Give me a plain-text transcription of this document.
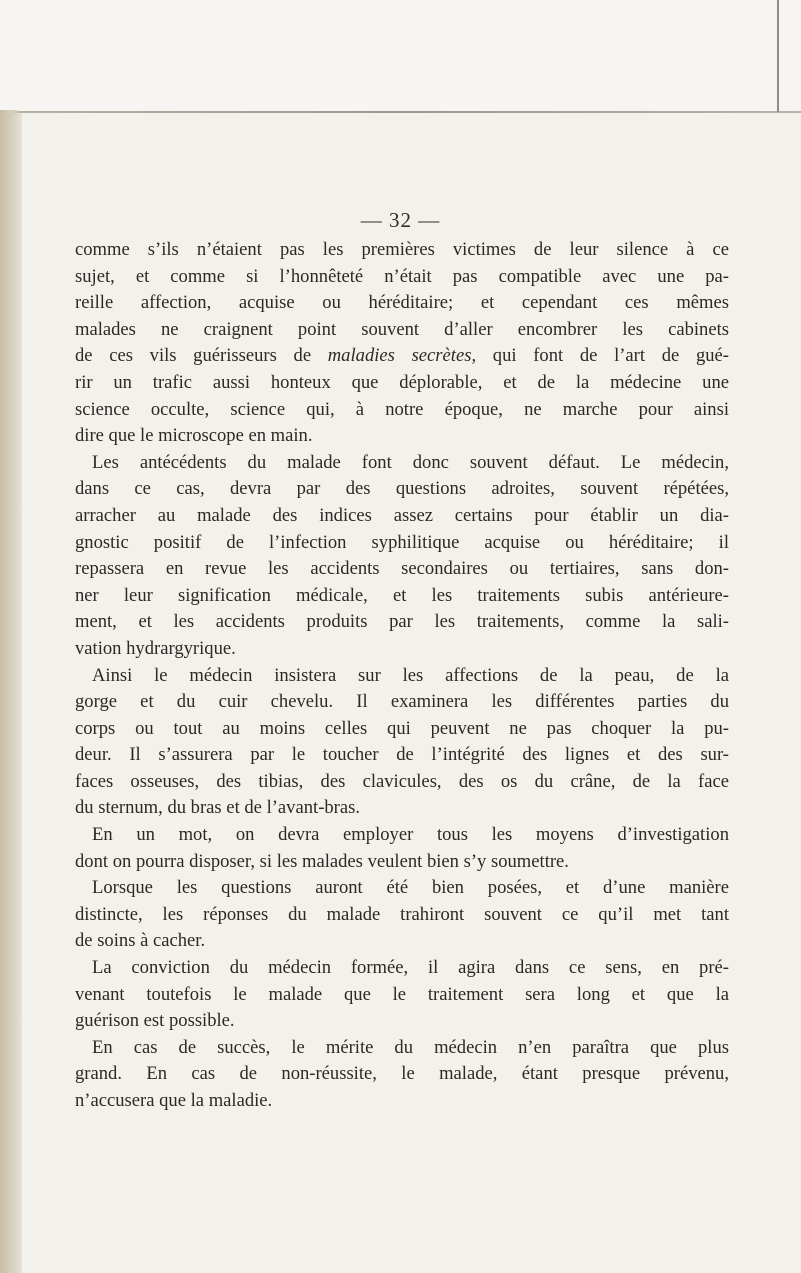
— 32 —

comme s’ils n’étaient pas les premières victimes de leur silence à ce

sujet, et comme si l’honnêteté n’était pas compatible avec une pa-

reille affection, acquise ou héréditaire; et cependant ces mêmes

malades ne craignent point souvent d’aller encombrer les cabinets

de ces vils guérisseurs de maladies secrètes, qui font de l’art de gué-

rir un trafic aussi honteux que déplorable, et de la médecine une

science occulte, science qui, à notre époque, ne marche pour ainsi

dire que le microscope en main.

Les antécédents du malade font donc souvent défaut. Le médecin,

dans ce cas, devra par des questions adroites, souvent répétées,

arracher au malade des indices assez certains pour établir un dia-

gnostic positif de l’infection syphilitique acquise ou héréditaire; il

repassera en revue les accidents secondaires ou tertiaires, sans don-

ner leur signification médicale, et les traitements subis antérieure-

ment, et les accidents produits par les traitements, comme la sali-

vation hydrargyrique.

Ainsi le médecin insistera sur les affections de la peau, de la

gorge et du cuir chevelu. Il examinera les différentes parties du

corps ou tout au moins celles qui peuvent ne pas choquer la pu-

deur. Il s’assurera par le toucher de l’intégrité des lignes et des sur-

faces osseuses, des tibias, des clavicules, des os du crâne, de la face

du sternum, du bras et de l’avant-bras.

En un mot, on devra employer tous les moyens d’investigation

dont on pourra disposer, si les malades veulent bien s’y soumettre.

Lorsque les questions auront été bien posées, et d’une manière

distincte, les réponses du malade trahiront souvent ce qu’il met tant

de soins à cacher.

La conviction du médecin formée, il agira dans ce sens, en pré-

venant toutefois le malade que le traitement sera long et que la

guérison est possible.

En cas de succès, le mérite du médecin n’en paraîtra que plus

grand. En cas de non-réussite, le malade, étant presque prévenu,

n’accusera que la maladie.
